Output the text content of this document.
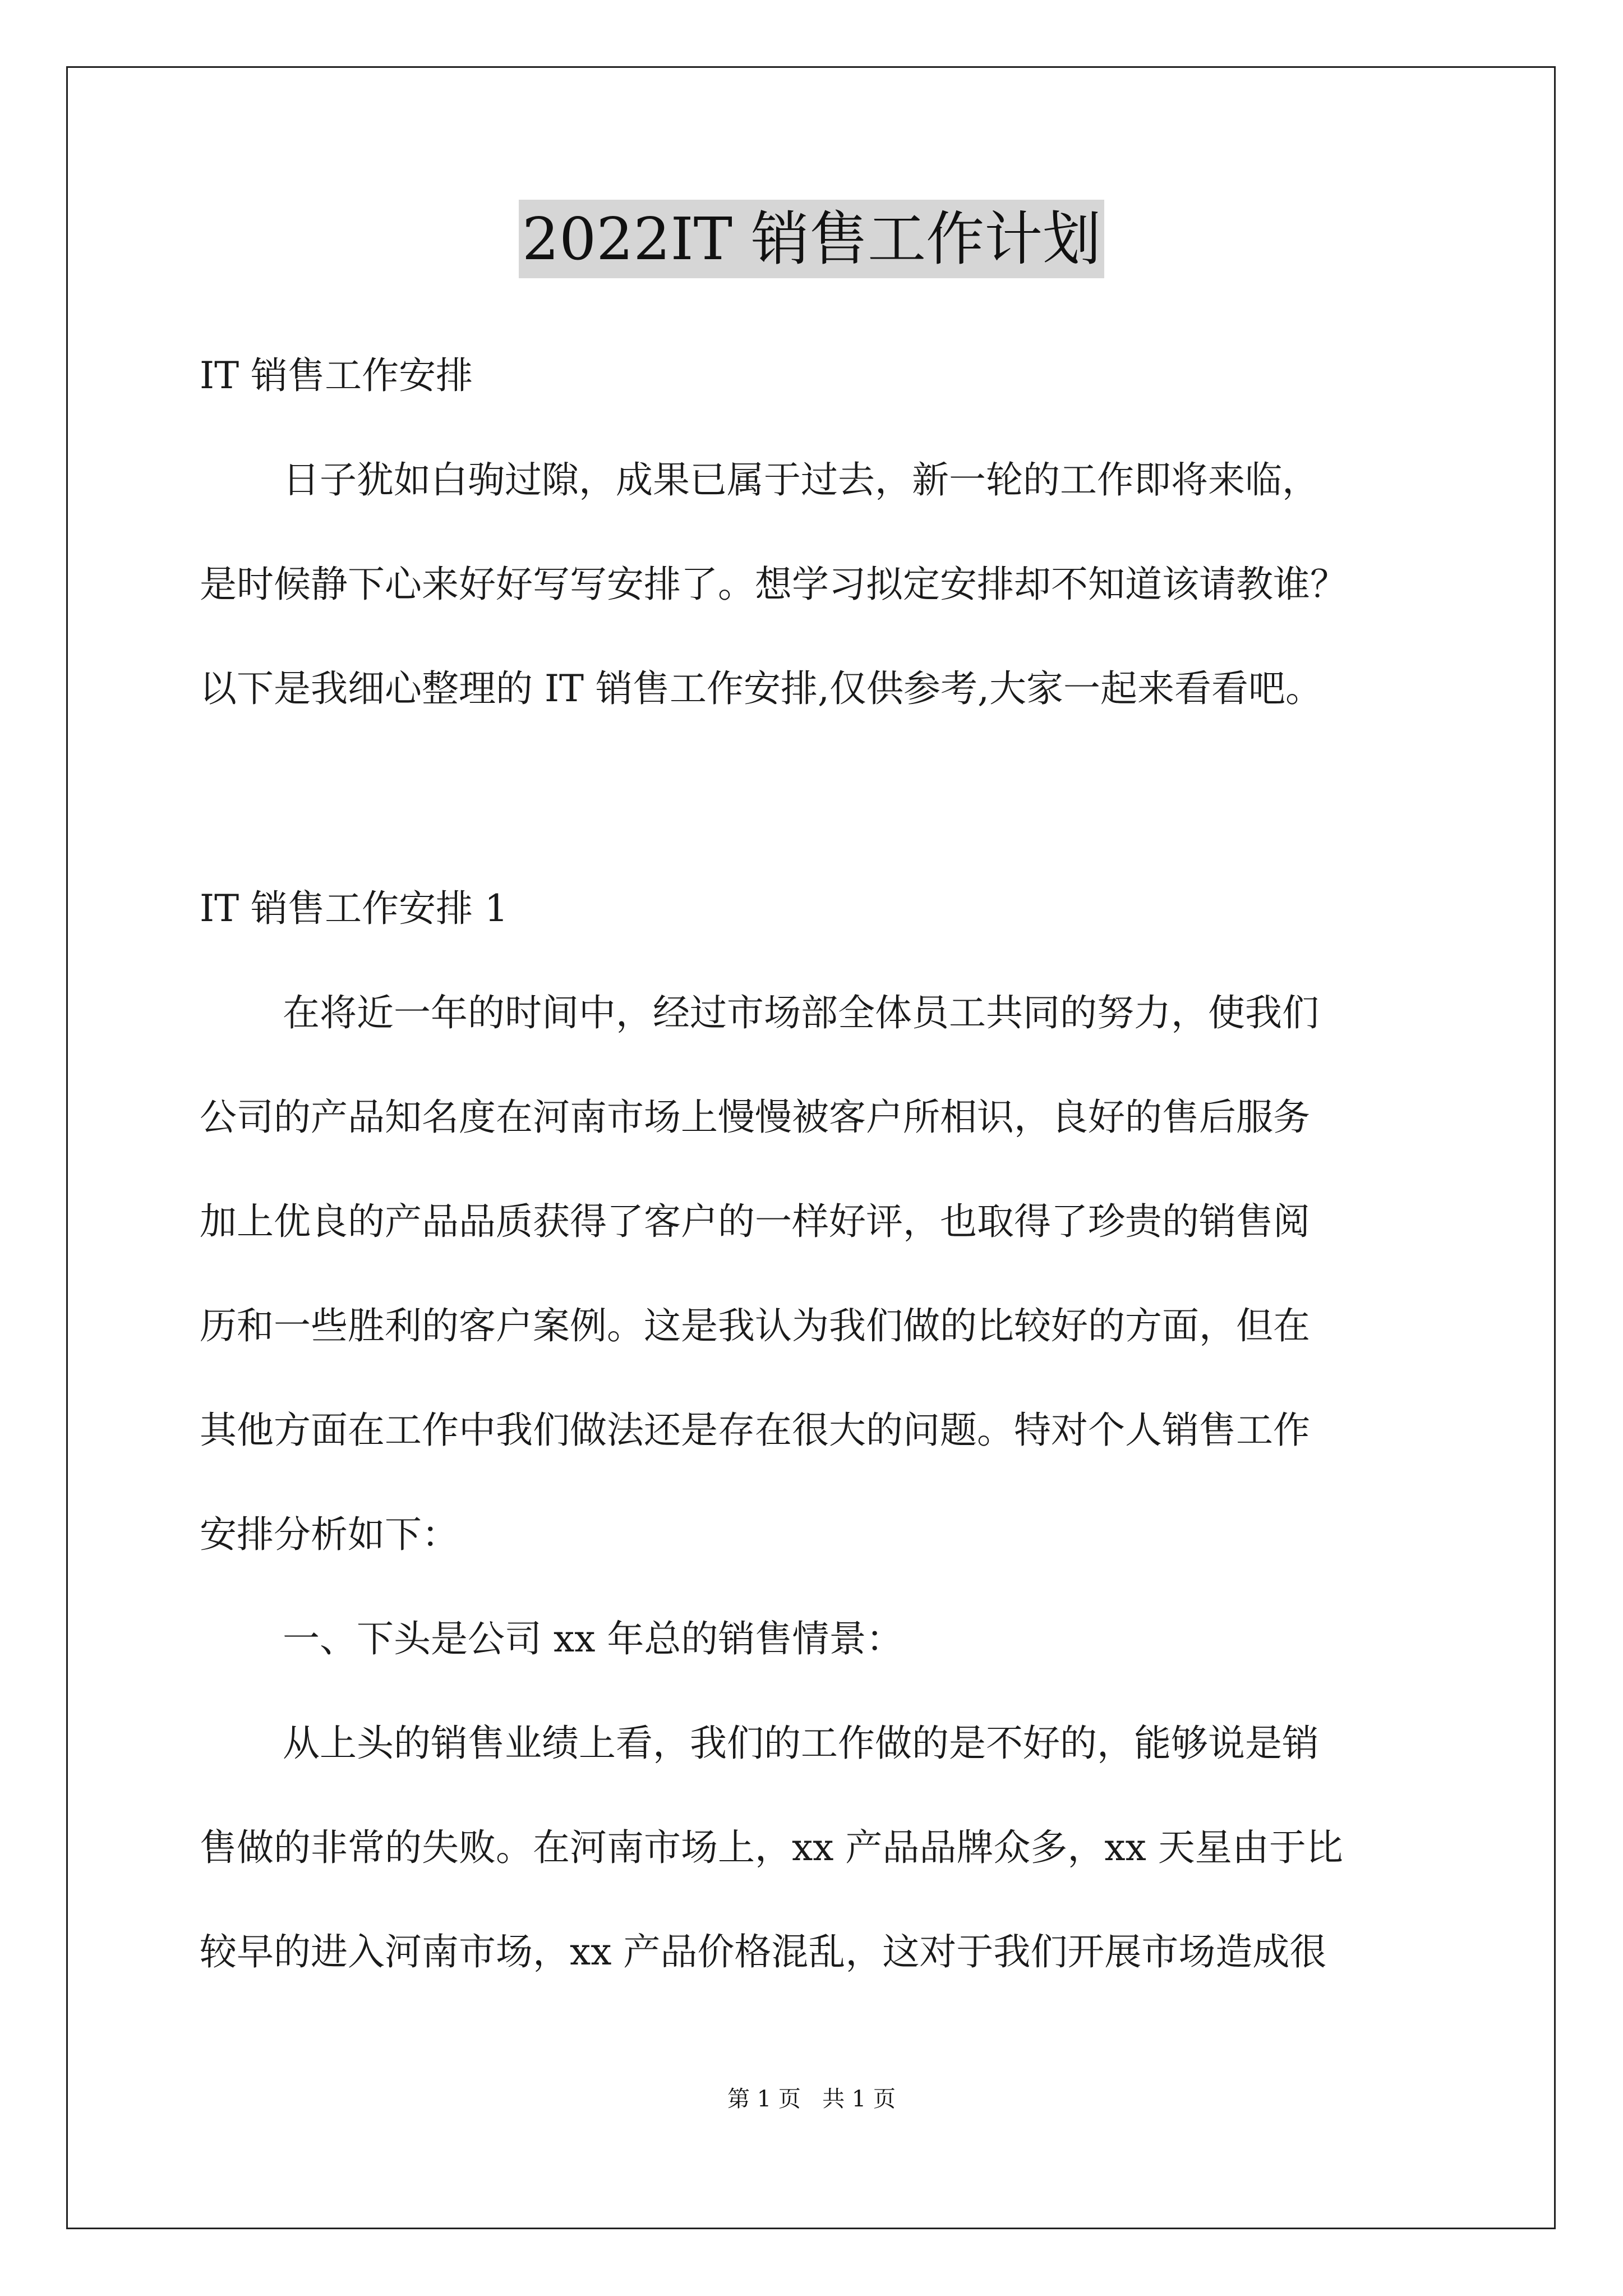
2022IT 销售工作计划
IT 销售工作安排
日子犹如白驹过隙，成果已属于过去，新一轮的工作即将来临，
是时候静下心来好好写写安排了。想学习拟定安排却不知道该请教谁？
以下是我细心整理的 IT 销售工作安排,仅供参考,大家一起来看看吧。
IT 销售工作安排 1
在将近一年的时间中，经过市场部全体员工共同的努力，使我们
公司的产品知名度在河南市场上慢慢被客户所相识，良好的售后服务
加上优良的产品品质获得了客户的一样好评，也取得了珍贵的销售阅
历和一些胜利的客户案例。这是我认为我们做的比较好的方面，但在
其他方面在工作中我们做法还是存在很大的问题。特对个人销售工作
安排分析如下：
一、下头是公司 xx 年总的销售情景：
从上头的销售业绩上看，我们的工作做的是不好的，能够说是销
售做的非常的失败。在河南市场上，xx 产品品牌众多，xx 天星由于比
较早的进入河南市场，xx 产品价格混乱，这对于我们开展市场造成很
第 1 页   共 1 页
